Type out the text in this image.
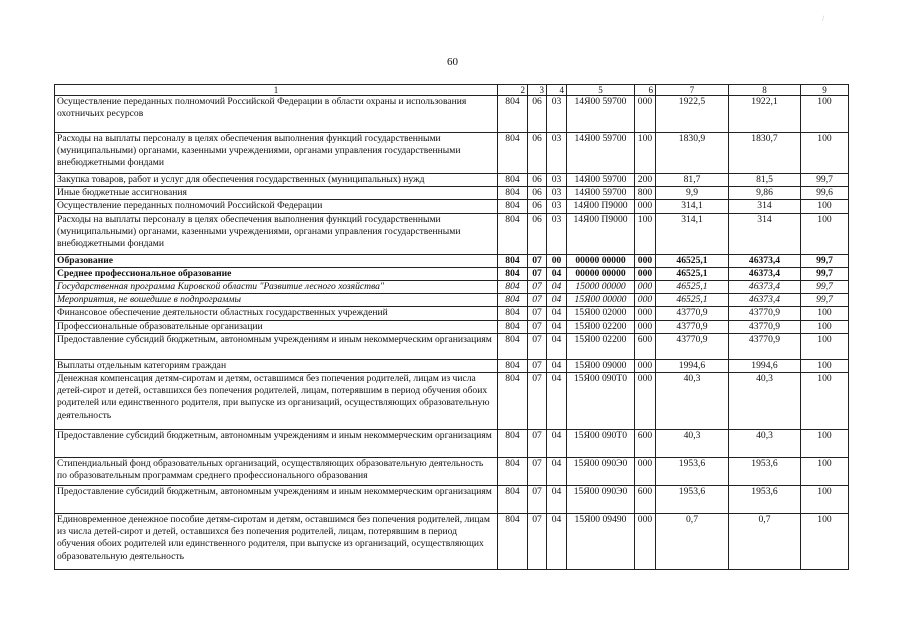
/
60
1	2	3	4	5	6	7	8	9
Осуществление переданных полномочий Российской Федерации в области охраны и использования охотничьих ресурсов	804	06	03	14Я00 59700	000	1922,5	1922,1	100
Расходы на выплаты персоналу в целях обеспечения выполнения функций государственными (муниципальными) органами, казенными учреждениями, органами управления государственными внебюджетными фондами	804	06	03	14Я00 59700	100	1830,9	1830,7	100
Закупка товаров, работ и услуг для обеспечения государственных (муниципальных) нужд	804	06	03	14Я00 59700	200	81,7	81,5	99,7
Иные бюджетные ассигнования	804	06	03	14Я00 59700	800	9,9	9,86	99,6
Осуществление переданных полномочий Российской Федерации	804	06	03	14Я00 П9000	000	314,1	314	100
Расходы на выплаты персоналу в целях обеспечения выполнения функций государственными (муниципальными) органами, казенными учреждениями, органами управления государственными внебюджетными фондами	804	06	03	14Я00 П9000	100	314,1	314	100
Образование	804	07	00	00000 00000	000	46525,1	46373,4	99,7
Среднее профессиональное образование	804	07	04	00000 00000	000	46525,1	46373,4	99,7
Государственная программа Кировской области "Развитие лесного хозяйства"	804	07	04	15000 00000	000	46525,1	46373,4	99,7
Мероприятия, не вошедшие в подпрограммы	804	07	04	15Я00 00000	000	46525,1	46373,4	99,7
Финансовое обеспечение деятельности областных государственных учреждений	804	07	04	15Я00 02000	000	43770,9	43770,9	100
Профессиональные образовательные организации	804	07	04	15Я00 02200	000	43770,9	43770,9	100
Предоставление субсидий бюджетным, автономным учреждениям и иным некоммерческим организациям	804	07	04	15Я00 02200	600	43770,9	43770,9	100
Выплаты отдельным категориям граждан	804	07	04	15Я00 09000	000	1994,6	1994,6	100
Денежная компенсация детям-сиротам и детям, оставшимся без попечения родителей, лицам из числа детей-сирот и детей, оставшихся без попечения родителей, лицам, потерявшим в период обучения обоих родителей или единственного родителя, при выпуске из организаций, осуществляющих образовательную деятельность	804	07	04	15Я00 090Т0	000	40,3	40,3	100
Предоставление субсидий бюджетным, автономным учреждениям и иным некоммерческим организациям	804	07	04	15Я00 090Т0	600	40,3	40,3	100
Стипендиальный фонд образовательных организаций, осуществляющих образовательную деятельность по образовательным программам среднего профессионального образования	804	07	04	15Я00 090Э0	000	1953,6	1953,6	100
Предоставление субсидий бюджетным, автономным учреждениям и иным некоммерческим организациям	804	07	04	15Я00 090Э0	600	1953,6	1953,6	100
Единовременное денежное пособие детям-сиротам и детям, оставшимся без попечения родителей, лицам из числа детей-сирот и детей, оставшихся без попечения родителей, лицам, потерявшим в период обучения обоих родителей или единственного родителя, при выпуске из организаций, осуществляющих образовательную деятельность	804	07	04	15Я00 09490	000	0,7	0,7	100
